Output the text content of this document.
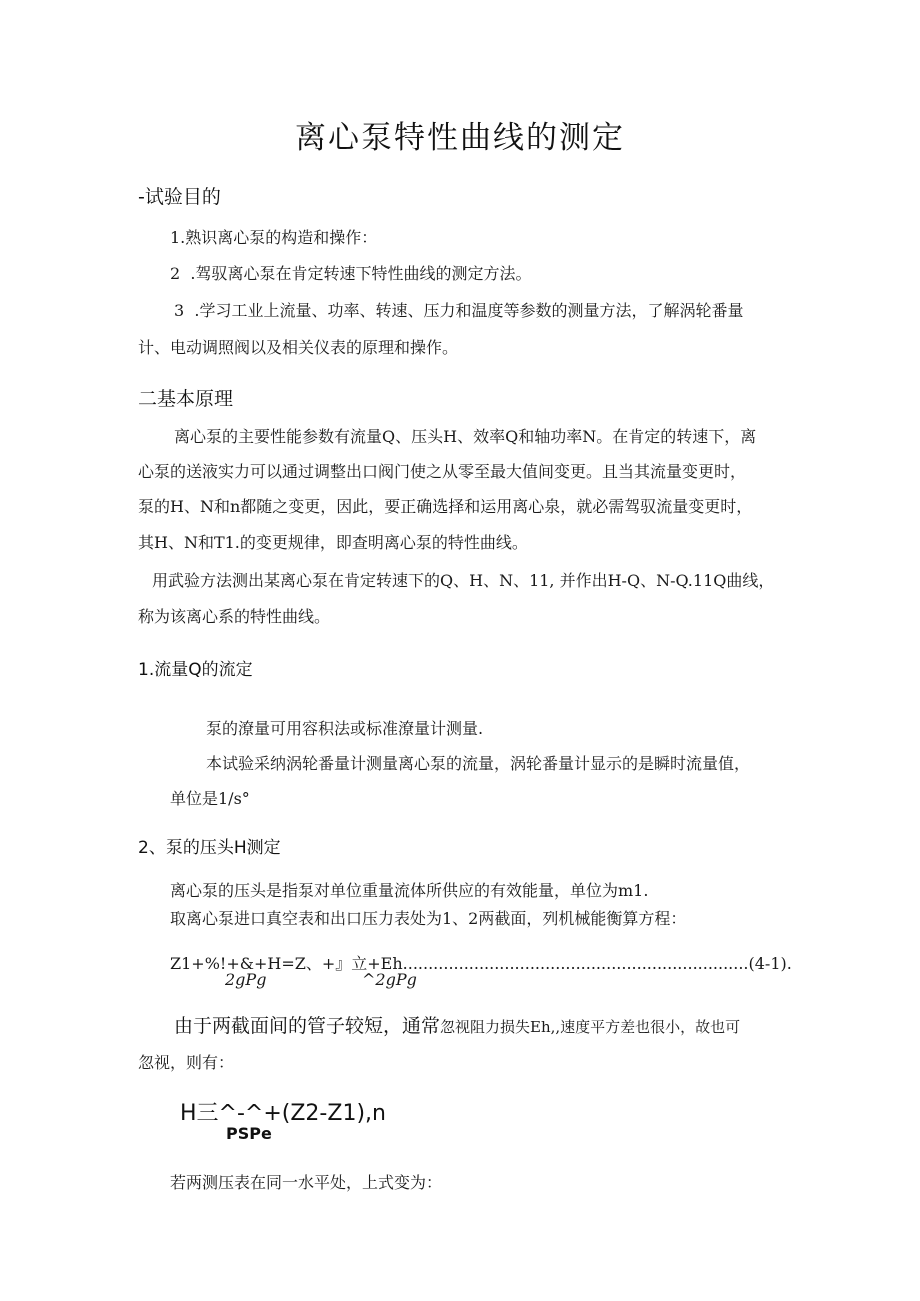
离心泵特性曲线的测定
-试验目的
1.熟识离心泵的构造和操作：
2  .驾驭离心泵在肯定转速下特性曲线的测定方法。
3  .学习工业上流量、功率、转速、压力和温度等参数的测量方法，了解涡轮番量
计、电动调照阀以及相关仪表的原理和操作。
二基本原理
离心泵的主要性能参数有流量Q、压头H、效率Q和轴功率N。在肯定的转速下，离
心泵的送液实力可以通过调整出口阀门使之从零至最大值间变更。且当其流量变更时，
泵的H、N和n都随之变更，因此，要正确选择和运用离心泉，就必需驾驭流量变更时，
其H、N和T1.的变更规律，即查明离心泵的特性曲线。
用武验方法测出某离心泵在肯定转速下的Q、H、N、11, 并作出H-Q、N-Q.11Q曲线，
称为该离心系的特性曲线。
1.流量Q的流定
泵的潦量可用容积法或标准潦量计测量.
本试验采纳涡轮番量计测量离心泵的流量，涡轮番量计显示的是瞬时流量值，
单位是1∕s°
2、泵的压头H测定
离心泵的压头是指泵对单位重量流体所供应的有效能量，单位为m1.
取离心泵进口真空表和出口压力表处为1、2两截面，列机械能衡算方程：
Z1+%!+&+H=Z、+』立+Eh....................................................................(4-1).
2gPg	^2gPg
由于两截面间的管子较短，通常忽视阻力损失Eh,,速度平方差也很小，故也可
忽视，则有：
H三^-^+(Z2-Z1),n
PSPe
若两测压表在同一水平处，上式变为：
